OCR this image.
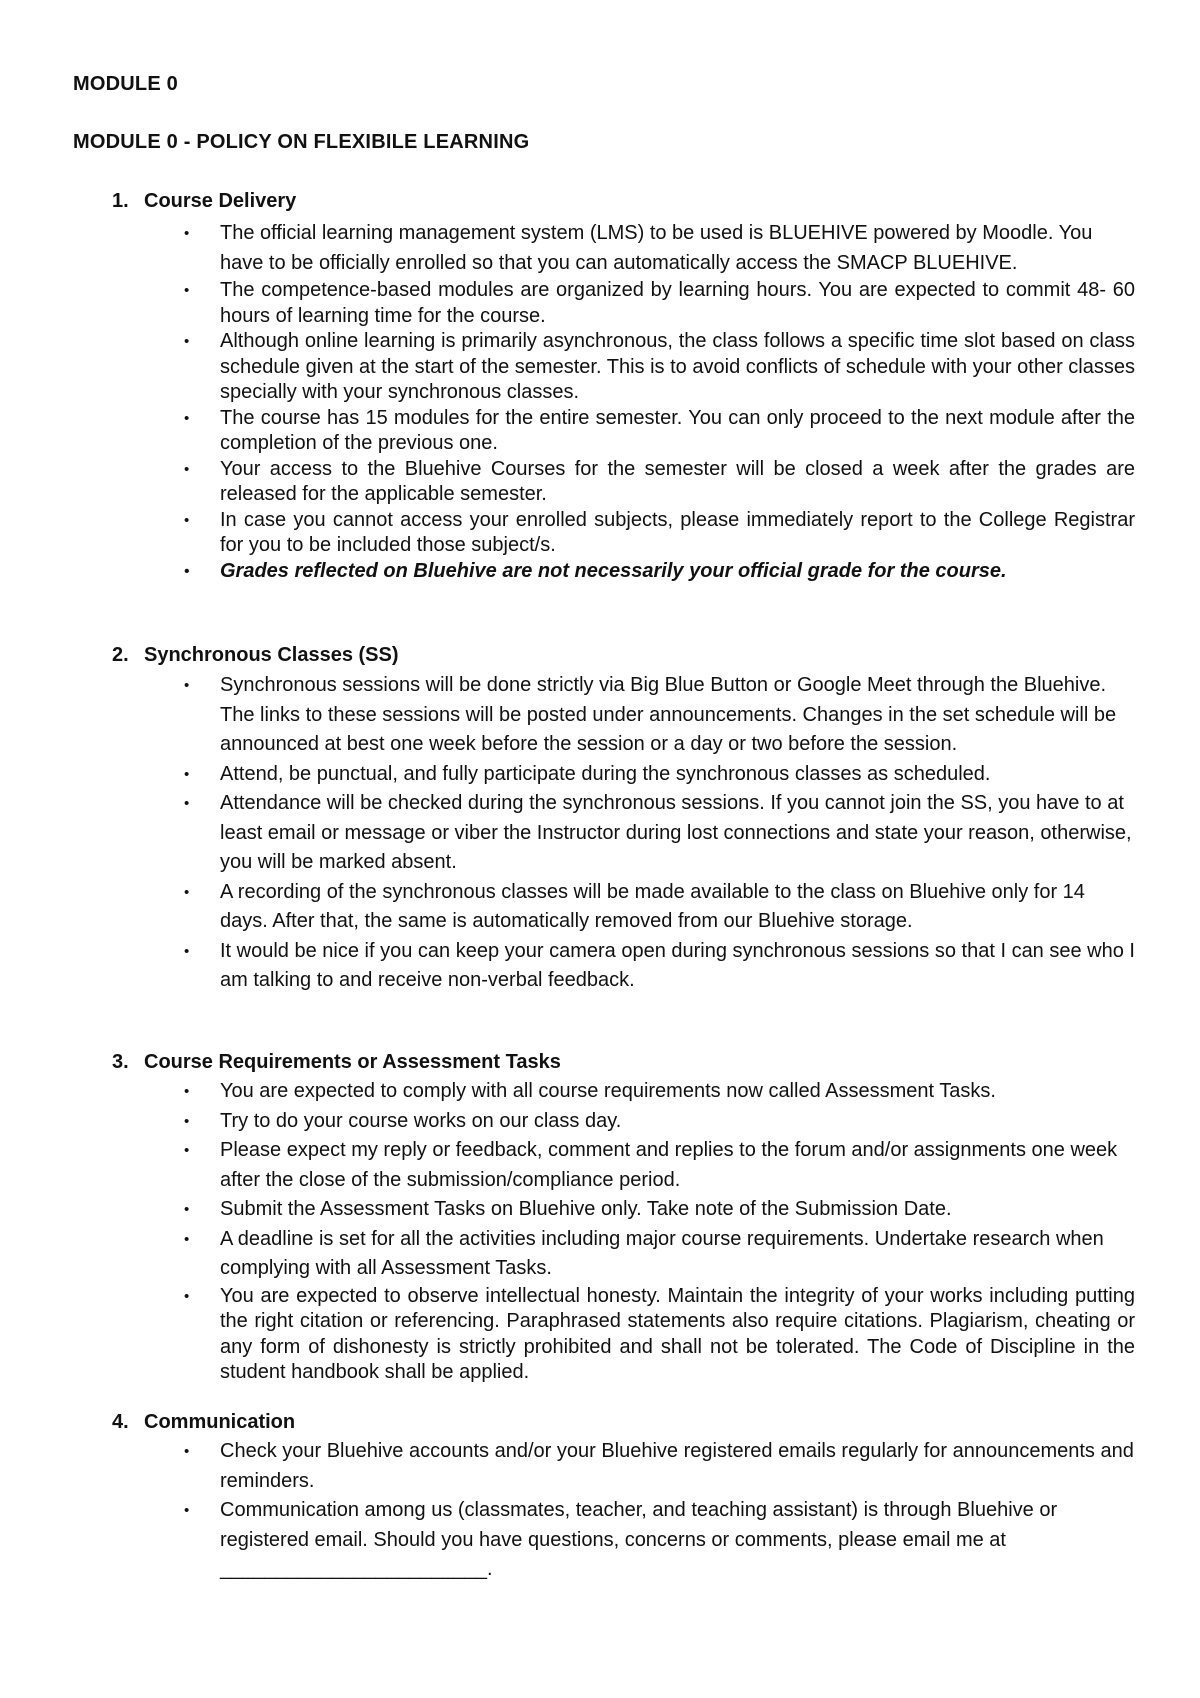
MODULE 0
MODULE 0 - POLICY ON FLEXIBILE LEARNING
1. Course Delivery
• The official learning management system (LMS) to be used is BLUEHIVE powered by Moodle. You have to be officially enrolled so that you can automatically access the SMACP BLUEHIVE.
• The competence-based modules are organized by learning hours. You are expected to commit 48- 60 hours of learning time for the course.
• Although online learning is primarily asynchronous, the class follows a specific time slot based on class schedule given at the start of the semester. This is to avoid conflicts of schedule with your other classes specially with your synchronous classes.
• The course has 15 modules for the entire semester. You can only proceed to the next module after the completion of the previous one.
• Your access to the Bluehive Courses for the semester will be closed a week after the grades are released for the applicable semester.
• In case you cannot access your enrolled subjects, please immediately report to the College Registrar for you to be included those subject/s.
• Grades reflected on Bluehive are not necessarily your official grade for the course.
2. Synchronous Classes (SS)
• Synchronous sessions will be done strictly via Big Blue Button or Google Meet through the Bluehive. The links to these sessions will be posted under announcements. Changes in the set schedule will be announced at best one week before the session or a day or two before the session.
• Attend, be punctual, and fully participate during the synchronous classes as scheduled.
• Attendance will be checked during the synchronous sessions. If you cannot join the SS, you have to at least email or message or viber the Instructor during lost connections and state your reason, otherwise, you will be marked absent.
• A recording of the synchronous classes will be made available to the class on Bluehive only for 14 days. After that, the same is automatically removed from our Bluehive storage.
• It would be nice if you can keep your camera open during synchronous sessions so that I can see who I am talking to and receive non-verbal feedback.
3. Course Requirements or Assessment Tasks
• You are expected to comply with all course requirements now called Assessment Tasks.
• Try to do your course works on our class day.
• Please expect my reply or feedback, comment and replies to the forum and/or assignments one week after the close of the submission/compliance period.
• Submit the Assessment Tasks on Bluehive only. Take note of the Submission Date.
• A deadline is set for all the activities including major course requirements. Undertake research when complying with all Assessment Tasks.
• You are expected to observe intellectual honesty. Maintain the integrity of your works including putting the right citation or referencing. Paraphrased statements also require citations. Plagiarism, cheating or any form of dishonesty is strictly prohibited and shall not be tolerated. The Code of Discipline in the student handbook shall be applied.
4. Communication
• Check your Bluehive accounts and/or your Bluehive registered emails regularly for announcements and reminders.
• Communication among us (classmates, teacher, and teaching assistant) is through Bluehive or registered email. Should you have questions, concerns or comments, please email me at
________________________.
